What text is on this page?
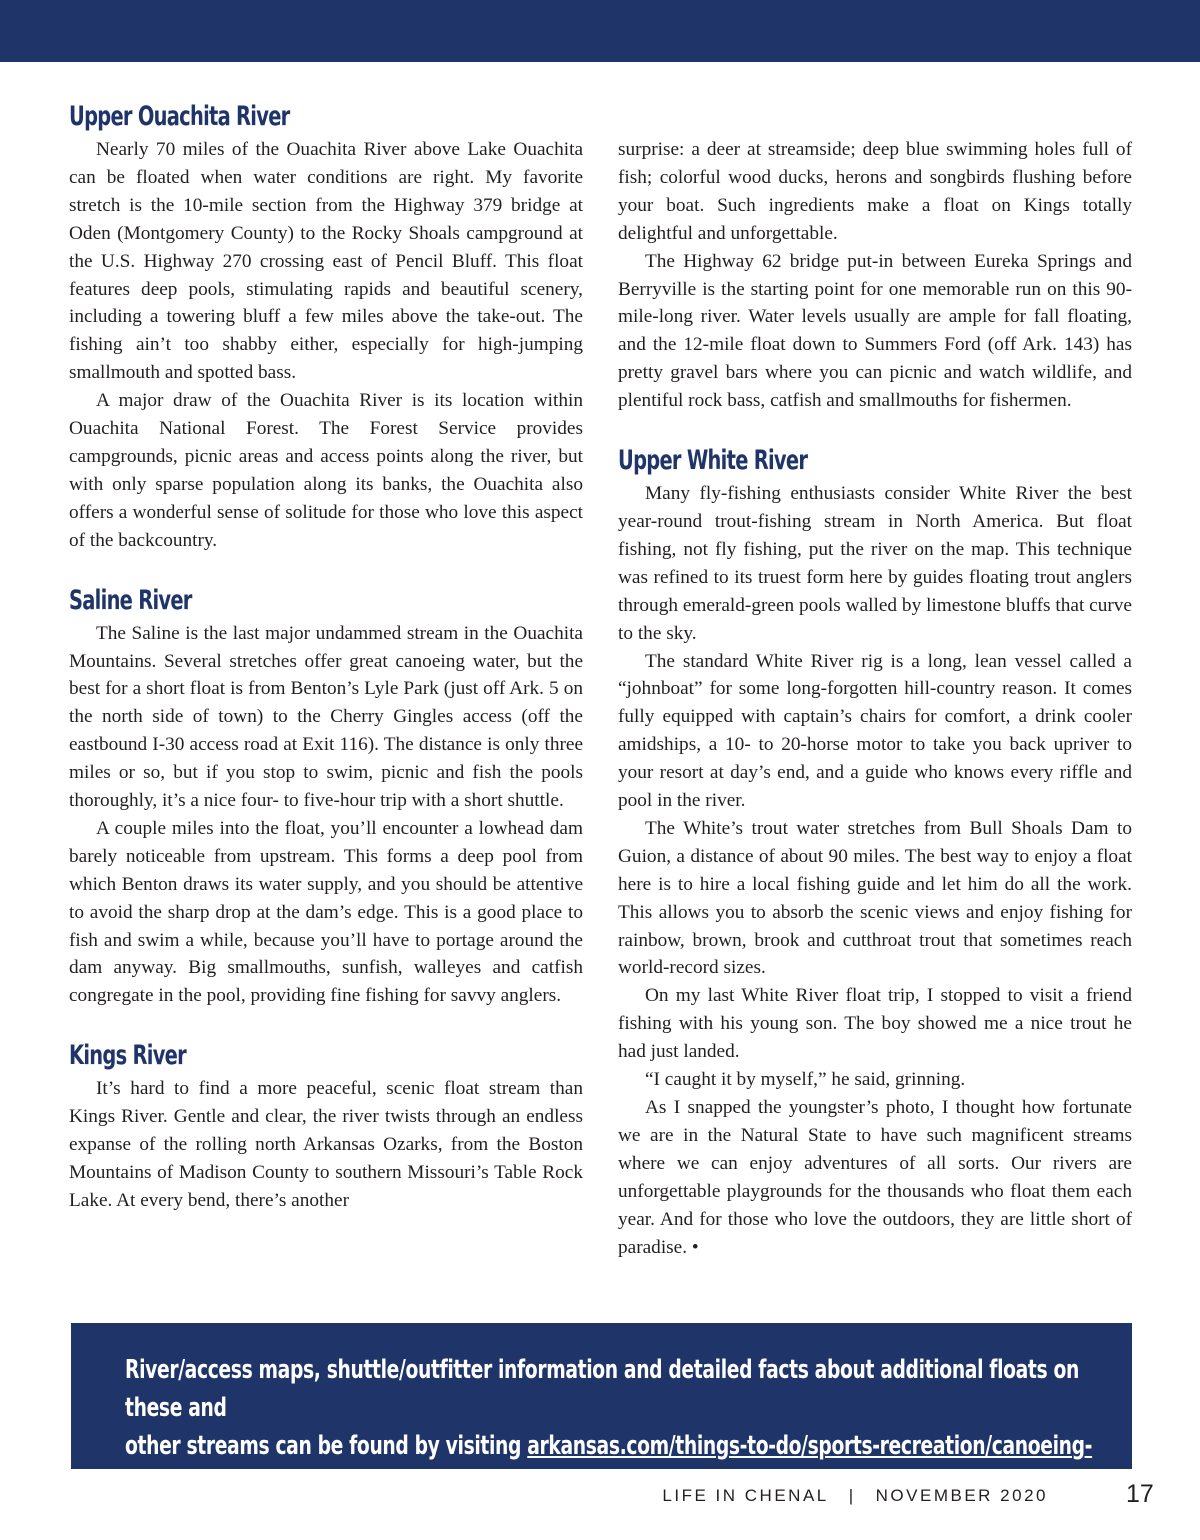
Upper Ouachita River

Nearly 70 miles of the Ouachita River above Lake Ouachita can be floated when water conditions are right. My favorite stretch is the 10-mile section from the Highway 379 bridge at Oden (Montgomery County) to the Rocky Shoals campground at the U.S. Highway 270 crossing east of Pencil Bluff. This float features deep pools, stimulating rapids and beautiful scenery, including a towering bluff a few miles above the take-out. The fishing ain’t too shabby either, especially for high-jumping smallmouth and spotted bass.

A major draw of the Ouachita River is its location within Ouachita National Forest. The Forest Service provides campgrounds, picnic areas and access points along the river, but with only sparse population along its banks, the Ouachita also offers a wonderful sense of solitude for those who love this aspect of the backcountry.

Saline River

The Saline is the last major undammed stream in the Ouachita Mountains. Several stretches offer great canoeing water, but the best for a short float is from Benton’s Lyle Park (just off Ark. 5 on the north side of town) to the Cherry Gingles access (off the eastbound I-30 access road at Exit 116). The distance is only three miles or so, but if you stop to swim, picnic and fish the pools thoroughly, it’s a nice four- to five-hour trip with a short shuttle.

A couple miles into the float, you’ll encounter a lowhead dam barely noticeable from upstream. This forms a deep pool from which Benton draws its water supply, and you should be attentive to avoid the sharp drop at the dam’s edge. This is a good place to fish and swim a while, because you’ll have to portage around the dam anyway. Big smallmouths, sunfish, walleyes and catfish congregate in the pool, providing fine fishing for savvy anglers.

Kings River

It’s hard to find a more peaceful, scenic float stream than Kings River. Gentle and clear, the river twists through an endless expanse of the rolling north Arkansas Ozarks, from the Boston Mountains of Madison County to southern Missouri’s Table Rock Lake. At every bend, there’s another

surprise: a deer at streamside; deep blue swimming holes full of fish; colorful wood ducks, herons and songbirds flushing before your boat. Such ingredients make a float on Kings totally delightful and unforgettable.

The Highway 62 bridge put-in between Eureka Springs and Berryville is the starting point for one memorable run on this 90-mile-long river. Water levels usually are ample for fall floating, and the 12-mile float down to Summers Ford (off Ark. 143) has pretty gravel bars where you can picnic and watch wildlife, and plentiful rock bass, catfish and smallmouths for fishermen.

Upper White River

Many fly-fishing enthusiasts consider White River the best year-round trout-fishing stream in North America. But float fishing, not fly fishing, put the river on the map. This technique was refined to its truest form here by guides floating trout anglers through emerald-green pools walled by limestone bluffs that curve to the sky.

The standard White River rig is a long, lean vessel called a “johnboat” for some long-forgotten hill-country reason. It comes fully equipped with captain’s chairs for comfort, a drink cooler amidships, a 10- to 20-horse motor to take you back upriver to your resort at day’s end, and a guide who knows every riffle and pool in the river.

The White’s trout water stretches from Bull Shoals Dam to Guion, a distance of about 90 miles. The best way to enjoy a float here is to hire a local fishing guide and let him do all the work. This allows you to absorb the scenic views and enjoy fishing for rainbow, brown, brook and cutthroat trout that sometimes reach world-record sizes.

On my last White River float trip, I stopped to visit a friend fishing with his young son. The boy showed me a nice trout he had just landed.

“I caught it by myself,” he said, grinning.

As I snapped the youngster’s photo, I thought how fortunate we are in the Natural State to have such magnificent streams where we can enjoy adventures of all sorts. Our rivers are unforgettable playgrounds for the thousands who float them each year. And for those who love the outdoors, they are little short of paradise. •

River/access maps, shuttle/outfitter information and detailed facts about additional floats on these and
other streams can be found by visiting arkansas.com/things-to-do/sports-recreation/canoeing-kayaking.	LIFE IN CHENAL | NOVEMBER 2020	17
